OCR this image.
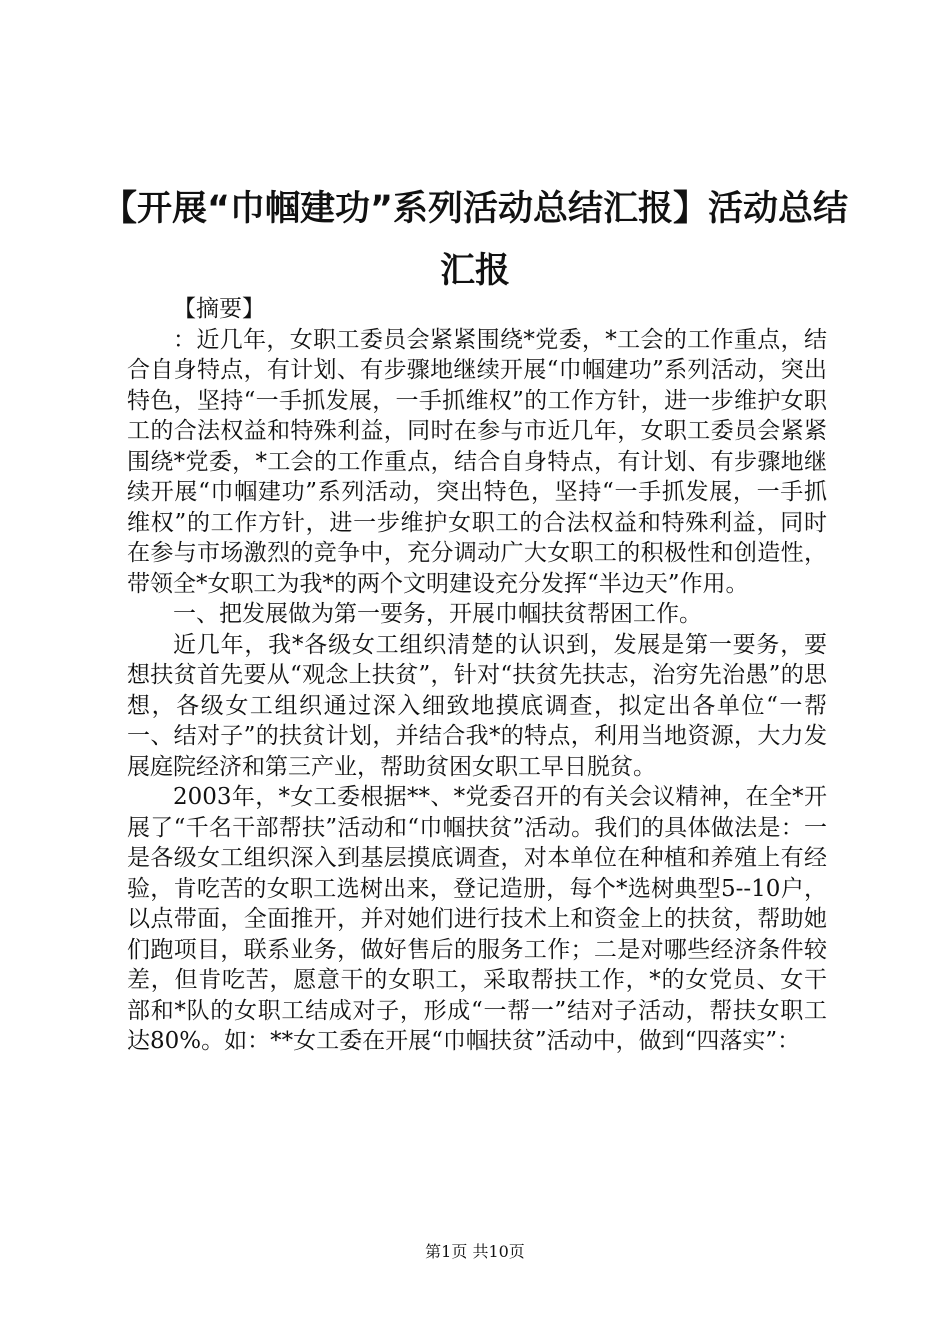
【开展“巾帼建功”系列活动总结汇报】活动总结汇报

【摘要】

：近几年，女职工委员会紧紧围绕*党委，*工会的工作重点，结合自身特点，有计划、有步骤地继续开展“巾帼建功”系列活动，突出特色，坚持“一手抓发展，一手抓维权”的工作方针，进一步维护女职工的合法权益和特殊利益，同时在参与市近几年，女职工委员会紧紧围绕*党委，*工会的工作重点，结合自身特点，有计划、有步骤地继续开展“巾帼建功”系列活动，突出特色，坚持“一手抓发展，一手抓维权”的工作方针，进一步维护女职工的合法权益和特殊利益，同时在参与市场激烈的竞争中，充分调动广大女职工的积极性和创造性，带领全*女职工为我*的两个文明建设充分发挥“半边天”作用。

一、把发展做为第一要务，开展巾帼扶贫帮困工作。

近几年，我*各级女工组织清楚的认识到，发展是第一要务，要想扶贫首先要从“观念上扶贫”，针对“扶贫先扶志，治穷先治愚”的思想，各级女工组织通过深入细致地摸底调查，拟定出各单位“一帮一、结对子”的扶贫计划，并结合我*的特点，利用当地资源，大力发展庭院经济和第三产业，帮助贫困女职工早日脱贫。

2003年，*女工委根据**、*党委召开的有关会议精神，在全*开展了“千名干部帮扶”活动和“巾帼扶贫”活动。我们的具体做法是：一是各级女工组织深入到基层摸底调查，对本单位在种植和养殖上有经验，肯吃苦的女职工选树出来，登记造册，每个*选树典型5--10户，以点带面，全面推开，并对她们进行技术上和资金上的扶贫，帮助她们跑项目，联系业务，做好售后的服务工作；二是对哪些经济条件较差，但肯吃苦，愿意干的女职工，采取帮扶工作，*的女党员、女干部和*队的女职工结成对子，形成“一帮一”结对子活动，帮扶女职工达80%。如：**女工委在开展“巾帼扶贫”活动中，做到“四落实”：

第1页 共10页
